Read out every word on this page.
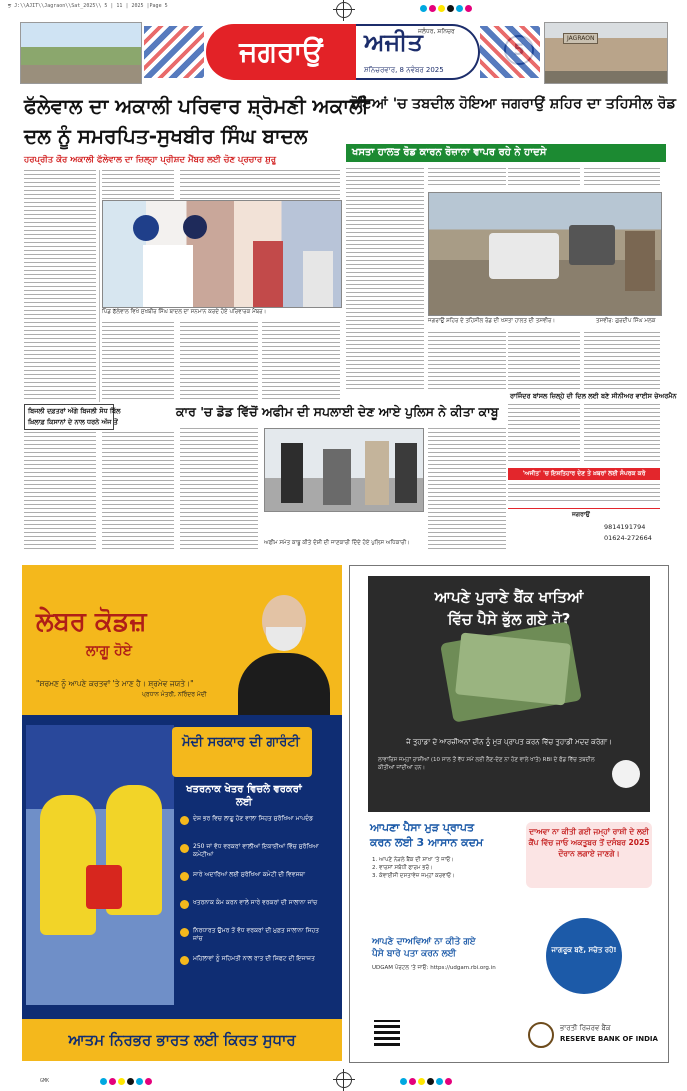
ਭ J:\\AJIT\\Jagraon\\Sat_2025\\ 5 | 11 | 2025 |Page 5
GMK
ਜਗਰਾਉਂ	ਅਜੀਤ
ਜਲੰਧਰ, ਸ਼ਨਿਚਰ
ਸ਼ਨਿਚਰਵਾਰ, 8 ਨਵੰਬਰ 2025
JAGRAON
ਫੱਲੇਵਾਲ ਦਾ ਅਕਾਲੀ ਪਰਿਵਾਰ ਸ਼੍ਰੋਮਣੀ ਅਕਾਲੀ
ਦਲ ਨੂੰ ਸਮਰਪਿਤ-ਸੁਖਬੀਰ ਸਿੰਘ ਬਾਦਲ
ਹਰਪ੍ਰੀਤ ਕੌਰ ਅਕਾਲੀ ਫੱਲੇਵਾਲ ਦਾ ਜ਼ਿਲ੍ਹਾ ਪ੍ਰੀਸ਼ਦ ਮੈਂਬਰ ਲਈ ਚੋਣ ਪ੍ਰਚਾਰ ਸ਼ੁਰੂ
ਪਿੰਡ ਫੱਲੇਵਾਲ ਵਿਖੇ ਸੁਖਬੀਰ ਸਿੰਘ ਬਾਦਲ ਦਾ ਸਨਮਾਨ ਕਰਦੇ ਹੋਏ ਪਰਿਵਾਰਕ ਮੈਂਬਰ।
ਬਿਜਲੀ ਦਫ਼ਤਰਾਂ ਅੱਗੇ ਬਿਜਲੀ ਸੋਧ ਬਿੱਲ
ਖ਼ਿਲਾਫ਼ ਕਿਸਾਨਾਂ ਦੇ ਨਾਲ ਧਰਨੇ ਅੱਜ ਤੋਂ
ਟੋਇਆਂ 'ਚ ਤਬਦੀਲ ਹੋਇਆ ਜਗਰਾਉਂ ਸ਼ਹਿਰ ਦਾ ਤਹਿਸੀਲ ਰੋਡ
ਖਸਤਾ ਹਾਲਤ ਰੋਡ ਕਾਰਨ ਰੋਜ਼ਾਨਾ ਵਾਪਰ ਰਹੇ ਨੇ ਹਾਦਸੇ
ਜਗਰਾਉਂ ਸ਼ਹਿਰ ਦੇ ਤਹਿਸੀਲ ਰੋਡ ਦੀ ਖਸਤਾ ਹਾਲਤ ਦੀ ਤਸਵੀਰ।	ਤਸਵੀਰ: ਗੁਰਦੀਪ ਸਿੰਘ ਮਲਕ
ਰਾਜਿੰਦਰ ਬਾਂਸਲ ਜ਼ਿਲ੍ਹੇ ਦੀ ਦਿਲ ਲਈ ਬਣੇ ਸੀਨੀਅਰ ਵਾਈਸ ਚੇਅਰਮੈਨ
'ਅਜੀਤ' 'ਚ ਇਸ਼ਤਿਹਾਰ ਦੇਣ ਤੇ ਖ਼ਬਰਾਂ ਲਈ ਸੰਪਰਕ ਕਰੋ
ਜਗਰਾਉਂ
9814191794
01624-272664
ਕਾਰ 'ਚ ਡੋਡ ਵਿੱਚੋਂ ਅਫੀਮ ਦੀ ਸਪਲਾਈ ਦੇਣ ਆਏ ਪੁਲਿਸ ਨੇ ਕੀਤਾ ਕਾਬੂ
ਅਫੀਮ ਸਮੇਤ ਕਾਬੂ ਕੀਤੇ ਦੋਸ਼ੀ ਦੀ ਜਾਣਕਾਰੀ ਦਿੰਦੇ ਹੋਏ ਪੁਲਿਸ ਅਧਿਕਾਰੀ।
ਲੇਬਰ ਕੋਡਜ਼
ਲਾਗੂ ਹੋਏ
"ਸ਼ਰਮਣ ਨੂੰ ਆਪਣੇ ਕਰਤਵਾਂ 'ਤੇ ਮਾਣ ਹੈ। ਸ਼੍ਰਮੇਵ ਜਯਤੇ।"
ਪ੍ਰਧਾਨ ਮੰਤਰੀ, ਨਰਿੰਦਰ ਮੋਦੀ
ਮੋਦੀ ਸਰਕਾਰ ਦੀ ਗਾਰੰਟੀ
ਖਤਰਨਾਕ ਖੇਤਰ ਵਿਚਲੇ ਵਰਕਰਾਂ ਲਈ
ਦੇਸ਼ ਭਰ ਵਿਚ ਲਾਗੂ ਹੋਣ ਵਾਲਾ ਸਿਹਤ ਸੁਰੱਖਿਆ ਮਾਪਦੰਡ
250 ਜਾਂ ਵੱਧ ਵਰਕਰਾਂ ਵਾਲੀਆਂ ਇਕਾਈਆਂ ਵਿੱਚ ਸੁਰੱਖਿਆ ਕਮੇਟੀਆਂ
ਸਾਰੇ ਅਦਾਰਿਆਂ ਲਈ ਸੁਰੱਖਿਆ ਕਮੇਟੀ ਦੀ ਵਿਵਸਥਾ
ਖਤਰਨਾਕ ਕੰਮ ਕਰਨ ਵਾਲੇ ਸਾਰੇ ਵਰਕਰਾਂ ਦੀ ਸਾਲਾਨਾ ਜਾਂਚ
ਨਿਰਧਾਰਤ ਉਮਰ ਤੋਂ ਵੱਧ ਵਰਕਰਾਂ ਦੀ ਮੁਫ਼ਤ ਸਾਲਾਨਾ ਸਿਹਤ ਜਾਂਚ
ਮਹਿਲਾਵਾਂ ਨੂੰ ਸਹਿਮਤੀ ਨਾਲ ਰਾਤ ਦੀ ਸ਼ਿਫਟ ਦੀ ਇਜਾਜ਼ਤ
ਆਤਮ ਨਿਰਭਰ ਭਾਰਤ ਲਈ ਕਿਰਤ ਸੁਧਾਰ
ਆਪਣੇ ਪੁਰਾਣੇ ਬੈਂਕ ਖਾਤਿਆਂ
ਵਿੱਚ ਪੈਸੇ ਭੁੱਲ ਗਏ ਹੋ?
ਜੇ ਤੁਹਾਡਾ ਦੇ ਆਰਜ਼ੀਅਨਾਂ ਦੀਨ ਨੂੰ ਮੁੜ ਪ੍ਰਾਪਤ ਕਰਨ ਵਿੱਚ ਤੁਹਾਡੀ ਮਦਦ ਕਰੇਗਾ।
ਲਾਵਾਰਿਸ ਜਮ੍ਹਾਂ ਰਾਸ਼ੀਆਂ (10 ਸਾਲ ਤੋਂ ਵੱਧ ਸਮੇਂ ਲਈ ਲੈਣ-ਦੇਣ ਨਾ ਹੋਣ ਵਾਲੇ ਖਾਤੇ) RBI ਦੇ ਫੰਡ ਵਿੱਚ ਤਬਦੀਲ ਕੀਤੀਆਂ ਜਾਂਦੀਆਂ ਹਨ।
ਆਪਣਾ ਪੈਸਾ ਮੁੜ ਪ੍ਰਾਪਤ
ਕਰਨ ਲਈ 3 ਆਸਾਨ ਕਦਮ
1. ਆਪਣੇ ਨੇੜਲੇ ਬੈਂਕ ਦੀ ਸ਼ਾਖਾ 'ਤੇ ਜਾਓ।
2. ਵਾਰਸਾਂ ਸਬੰਧੀ ਫਾਰਮ ਭਰੋ।
3. ਕੇਵਾਈਸੀ ਦਸਤਾਵੇਜ਼ ਜਮ੍ਹਾਂ ਕਰਵਾਓ।
ਦਾਅਵਾ ਨਾ ਕੀਤੀ ਗਈ ਜਮ੍ਹਾਂ ਰਾਸ਼ੀ ਦੇ ਲਈ ਕੈਂਪ ਵਿੱਚ ਜਾਓ ਅਕਤੂਬਰ ਤੋਂ ਦਸੰਬਰ 2025 ਦੌਰਾਨ ਲਗਾਏ ਜਾਣਗੇ।
ਆਪਣੇ ਦਾਅਵਿਆਂ ਨਾ ਕੀਤੇ ਗਏ
ਪੈਸੇ ਬਾਰੇ ਪਤਾ ਕਰਨ ਲਈ
UDGAM ਪੋਰਟਲ 'ਤੇ ਜਾਓ: https://udgam.rbi.org.in
ਜਾਗਰੂਕ ਬਣੋ, ਸਚੇਤ ਰਹੋ!
ਭਾਰਤੀ ਰਿਜ਼ਰਵ ਬੈਂਕ
RESERVE BANK OF INDIA
